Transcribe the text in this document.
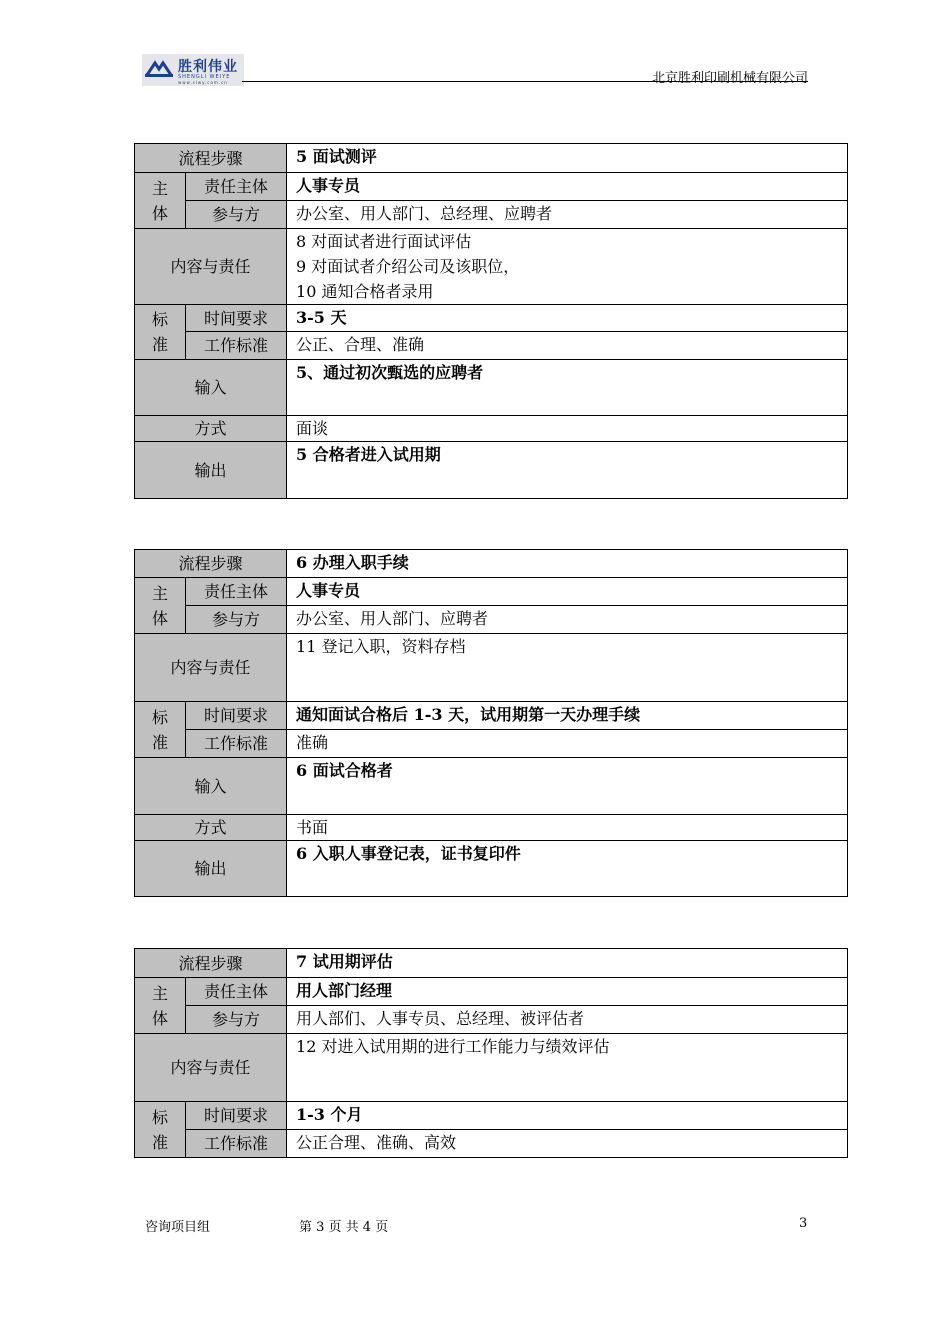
胜利伟业
SHENGLI WEIYE
www.slwy.com.cn	北京胜利印刷机械有限公司
流程步骤		5 面试测评

主
体	责任主体	人事专员
	参与方	办公室、用人部门、总经理、应聘者
内容与责任		8 对面试者进行面试评估
9 对面试者介绍公司及该职位，
10 通知合格者录用

标
准	时间要求	3-5 天
	工作标准	公正、合理、准确
输入		5、通过初次甄选的应聘者
方式		面谈
输出		5 合格者进入试用期
流程步骤		6 办理入职手续

主
体	责任主体	人事专员
	参与方	办公室、用人部门、应聘者
内容与责任		11 登记入职，资料存档

标
准	时间要求	通知面试合格后 1-3 天，试用期第一天办理手续
	工作标准	准确
输入		6 面试合格者
方式		书面
输出		6 入职人事登记表，证书复印件
流程步骤		7 试用期评估

主
体	责任主体	用人部门经理
	参与方	用人部们、人事专员、总经理、被评估者
内容与责任		12 对进入试用期的进行工作能力与绩效评估

标
准	时间要求	1-3 个月
	工作标准	公正合理、准确、高效
咨询项目组	第 3 页 共 4 页	3
